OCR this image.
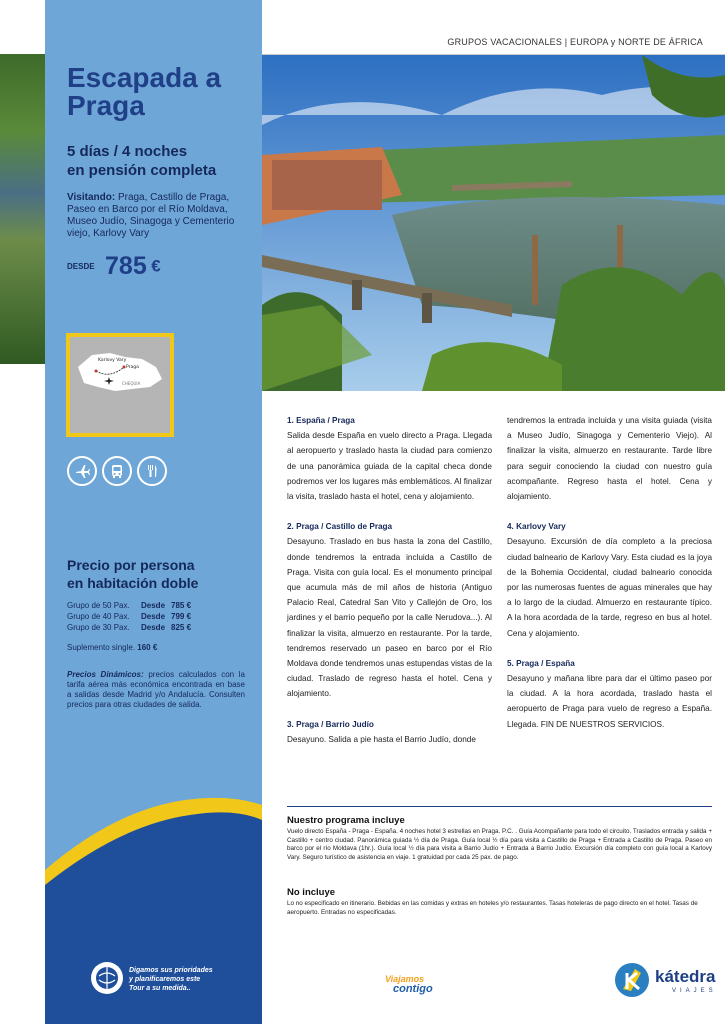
GRUPOS VACACIONALES | EUROPA y NORTE DE ÁFRICA
Escapada a
Praga
5 días / 4 noches
en pensión completa
Visitando: Praga, Castillo de Praga, Paseo en Barco por el Río Moldava, Museo Judío, Sinagoga y Cementerio viejo, Karlovy Vary
DESDE 785 €
Karlovy Vary
Praga
CHEQUIA
Precio por persona
en habitación doble
Grupo de 50 Pax.	Desde 785 €
Grupo de 40 Pax.	Desde 799 €
Grupo de 30 Pax.	Desde 825 €
Suplemento single. 160 €
Precios Dinámicos: precios calculados con la tarifa aérea más económica encontrada en base a salidas desde Madrid y/o Andalucía. Consulten precios para otras ciudades de salida.
Digamos sus prioridades
y planificaremos este
Tour a su medida..
1. España / Praga
Salida desde España en vuelo directo a Praga. Llegada al aeropuerto y traslado hasta la ciudad para comienzo de una panorámica guiada de la capital checa donde podremos ver los lugares más emblemáticos. Al finalizar la visita, traslado hasta el hotel, cena y alojamiento.
2. Praga / Castillo de Praga
Desayuno. Traslado en bus hasta la zona del Castillo, donde tendremos la entrada incluida a Castillo de Praga. Visita con guía local. Es el monumento principal que acumula más de mil años de historia (Antiguo Palacio Real, Catedral San Vito y Callejón de Oro, los jardines y el barrio pequeño por la calle Nerudova...). Al finalizar la visita, almuerzo en restaurante. Por la tarde, tendremos reservado un paseo en barco por el Río Moldava donde tendremos unas estupendas vistas de la ciudad. Traslado de regreso hasta el hotel. Cena y alojamiento.
3. Praga / Barrio Judío
Desayuno. Salida a pie hasta el Barrio Judío, donde
tendremos la entrada incluida y una visita guiada (visita a Museo Judío, Sinagoga y Cementerio Viejo). Al finalizar la visita, almuerzo en restaurante. Tarde libre para seguir conociendo la ciudad con nuestro guía acompañante. Regreso hasta el hotel. Cena y alojamiento.
4. Karlovy Vary
Desayuno. Excursión de día completo a la preciosa ciudad balneario de Karlovy Vary. Esta ciudad es la joya de la Bohemia Occidental, ciudad balneario conocida por las numerosas fuentes de aguas minerales que hay a lo largo de la ciudad. Almuerzo en restaurante típico. A la hora acordada de la tarde, regreso en bus al hotel. Cena y alojamiento.
5. Praga / España
Desayuno y mañana libre para dar el último paseo por la ciudad. A la hora acordada, traslado hasta el aeropuerto de Praga para vuelo de regreso a España. Llegada. FIN DE NUESTROS SERVICIOS.
Nuestro programa incluye
Vuelo directo España - Praga - España. 4 noches hotel 3 estrellas en Praga. P.C. . Guía Acompañante para todo el circuito. Traslados entrada y salida + Castillo + centro ciudad. Panorámica guiada ½ día de Praga. Guía local ½ día para visita a Castillo de Praga + Entrada a Castillo de Praga. Paseo en barco por el río Moldava (1hr.). Guía local ½ día para visita a Barrio Judío + Entrada a Barrio Judío. Excursión día completo con guía local a Karlovy Vary. Seguro turístico de asistencia en viaje. 1 gratuidad por cada 25 pax. de pago.
No incluye
Lo no especificado en itinerario. Bebidas en las comidas y extras en hoteles y/o restaurantes. Tasas hoteleras de pago directo en el hotel. Tasas de aeropuerto. Entradas no especificadas.
Viajamos
contigo
kátedra
VIAJES
